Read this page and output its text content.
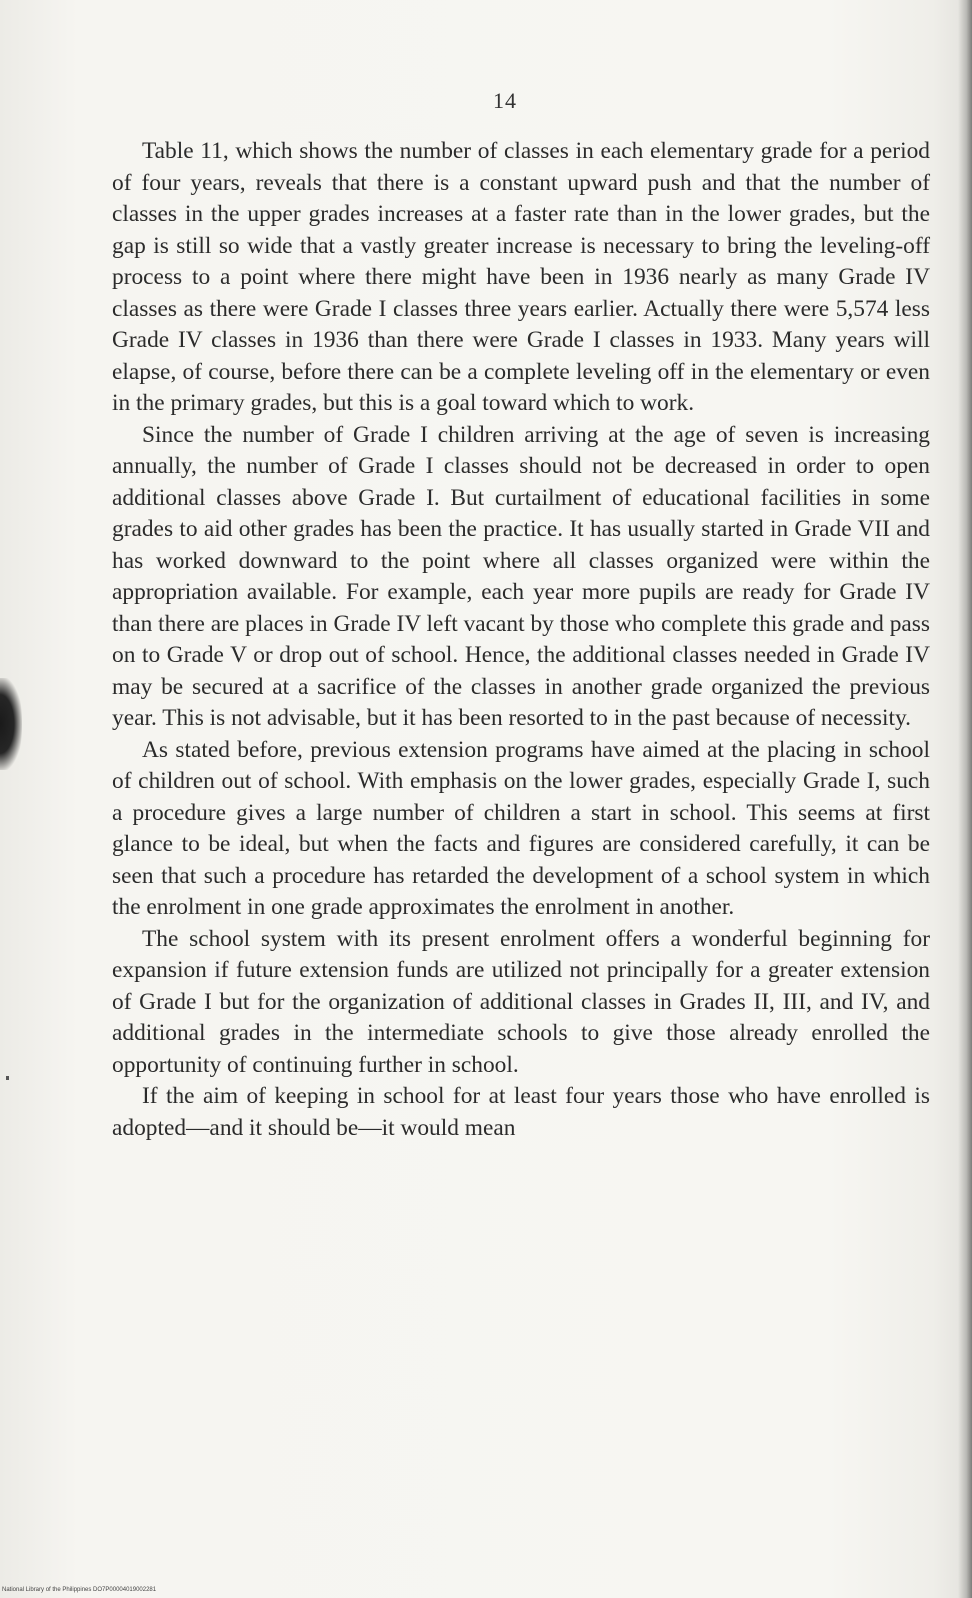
14

Table 11, which shows the number of classes in each elementary grade for a period of four years, reveals that there is a constant upward push and that the number of classes in the upper grades increases at a faster rate than in the lower grades, but the gap is still so wide that a vastly greater increase is necessary to bring the leveling-off process to a point where there might have been in 1936 nearly as many Grade IV classes as there were Grade I classes three years earlier. Actually there were 5,574 less Grade IV classes in 1936 than there were Grade I classes in 1933. Many years will elapse, of course, before there can be a complete leveling off in the elementary or even in the primary grades, but this is a goal toward which to work.

Since the number of Grade I children arriving at the age of seven is increasing annually, the number of Grade I classes should not be decreased in order to open additional classes above Grade I. But curtailment of educational facilities in some grades to aid other grades has been the practice. It has usually started in Grade VII and has worked downward to the point where all classes organized were within the appropriation available. For example, each year more pupils are ready for Grade IV than there are places in Grade IV left vacant by those who complete this grade and pass on to Grade V or drop out of school. Hence, the additional classes needed in Grade IV may be secured at a sacrifice of the classes in another grade organized the previous year. This is not advisable, but it has been resorted to in the past because of necessity.

As stated before, previous extension programs have aimed at the placing in school of children out of school. With emphasis on the lower grades, especially Grade I, such a procedure gives a large number of children a start in school. This seems at first glance to be ideal, but when the facts and figures are considered carefully, it can be seen that such a procedure has retarded the development of a school system in which the enrolment in one grade approximates the enrolment in another.

The school system with its present enrolment offers a wonderful beginning for expansion if future extension funds are utilized not principally for a greater extension of Grade I but for the organization of additional classes in Grades II, III, and IV, and additional grades in the intermediate schools to give those already enrolled the opportunity of continuing further in school.

If the aim of keeping in school for at least four years those who have enrolled is adopted—and it should be—it would mean

National Library of the Philippines DO7P00004019002281
